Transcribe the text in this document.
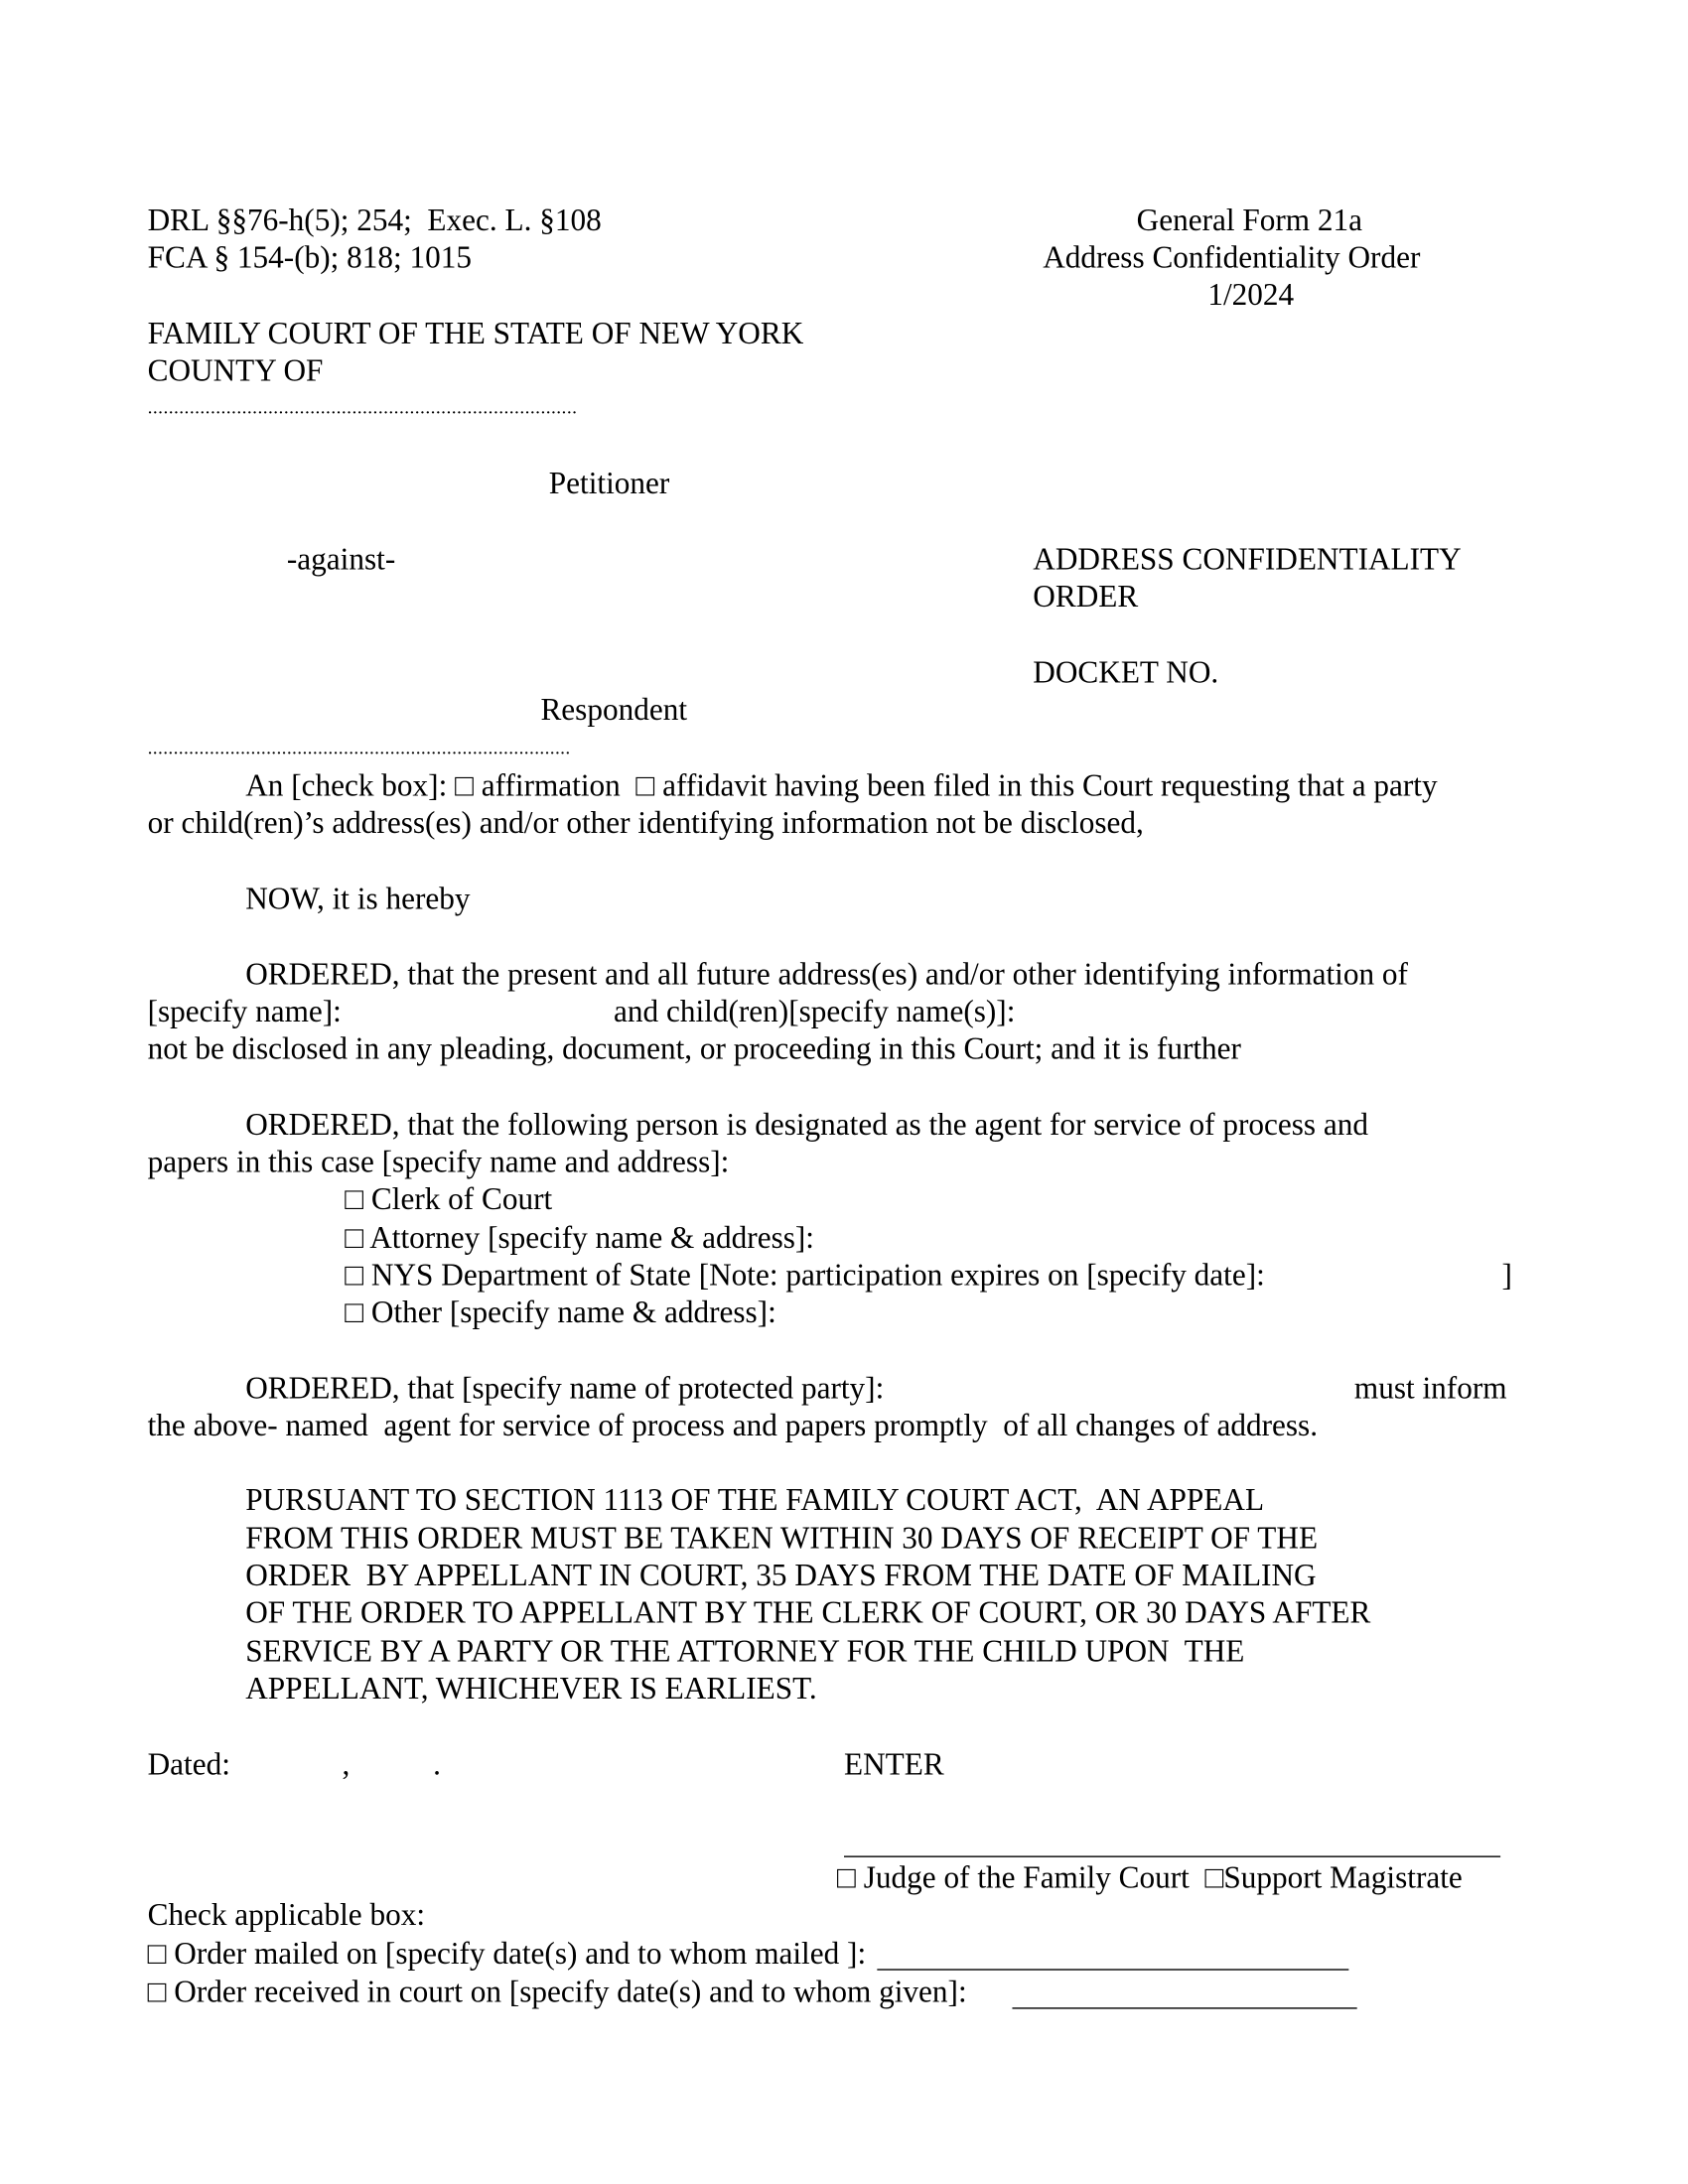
DRL §§76-h(5); 254;  Exec. L. §108
FCA § 154-(b); 818; 1015
General Form 21a
Address Confidentiality Order
1/2024
FAMILY COURT OF THE STATE OF NEW YORK
COUNTY OF
..................................................................................
Petitioner
-against-	ADDRESS CONFIDENTIALITY
ORDER
DOCKET NO.
Respondent
..................................................................................
An [check box]: □ affirmation  □ affidavit having been filed in this Court requesting that a party
or child(ren)’s address(es) and/or other identifying information not be disclosed,
NOW, it is hereby
ORDERED, that the present and all future address(es) and/or other identifying information of
[specify name]:	and child(ren)[specify name(s)]:
not be disclosed in any pleading, document, or proceeding in this Court; and it is further
ORDERED, that the following person is designated as the agent for service of process and
papers in this case [specify name and address]:
□ Clerk of Court
□ Attorney [specify name & address]:
□ NYS Department of State [Note: participation expires on [specify date]:	]
□ Other [specify name & address]:
ORDERED, that [specify name of protected party]:	must inform
the above- named  agent for service of process and papers promptly  of all changes of address.
PURSUANT TO SECTION 1113 OF THE FAMILY COURT ACT,  AN APPEAL
FROM THIS ORDER MUST BE TAKEN WITHIN 30 DAYS OF RECEIPT OF THE
ORDER  BY APPELLANT IN COURT, 35 DAYS FROM THE DATE OF MAILING
OF THE ORDER TO APPELLANT BY THE CLERK OF COURT, OR 30 DAYS AFTER
SERVICE BY A PARTY OR THE ATTORNEY FOR THE CHILD UPON  THE
APPELLANT, WHICHEVER IS EARLIEST.
Dated:	,	.	ENTER
□ Judge of the Family Court □Support Magistrate
Check applicable box:
□ Order mailed on [specify date(s) and to whom mailed ]:
□ Order received in court on [specify date(s) and to whom given]:
